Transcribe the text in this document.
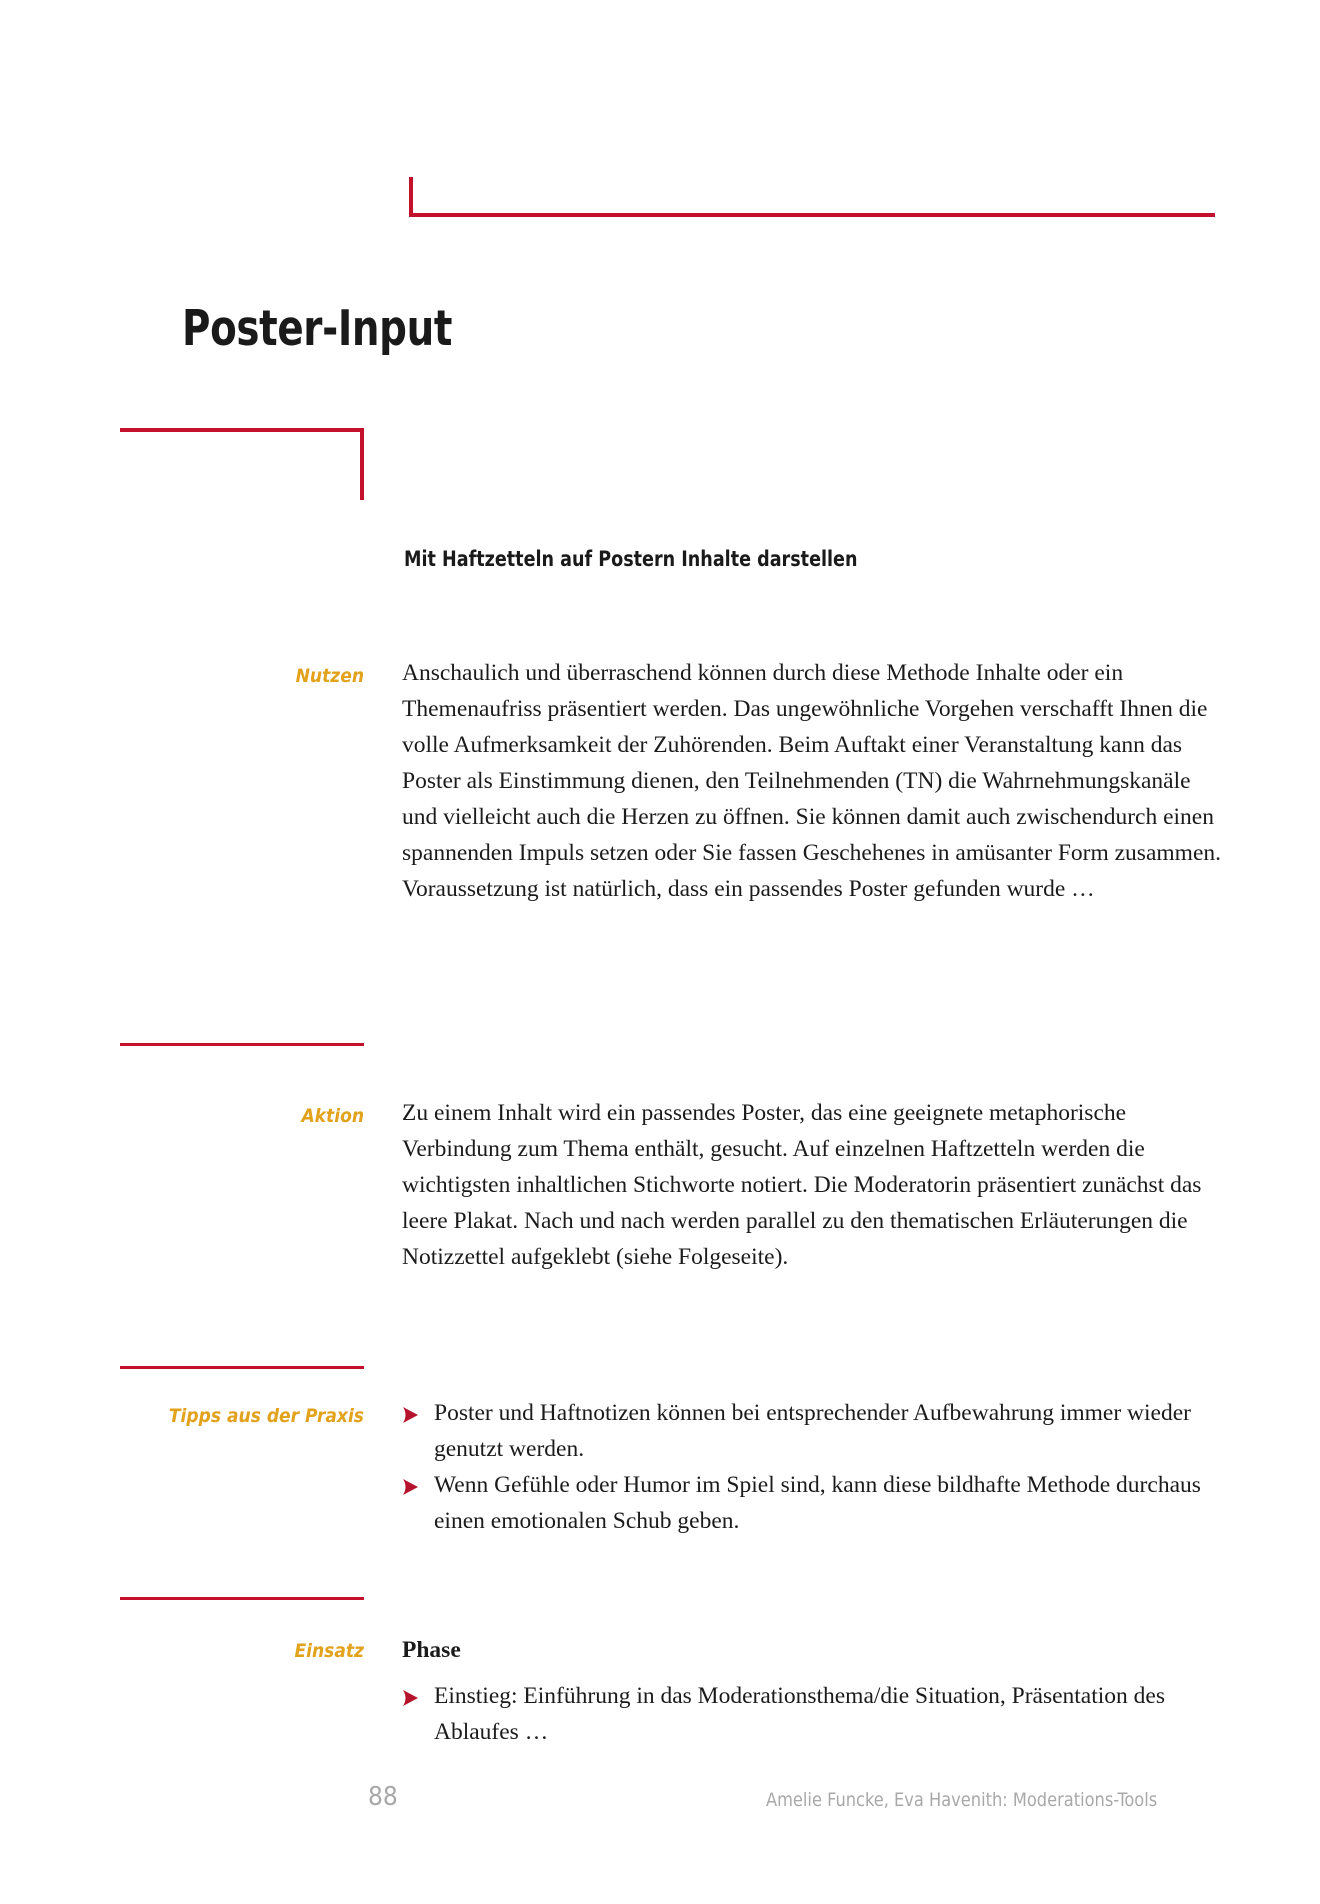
Poster-Input
Mit Haftzetteln auf Postern Inhalte darstellen
Nutzen Anschaulich und überraschend können durch diese Methode Inhalte oder ein Themenaufriss präsentiert werden. Das ungewöhnliche Vorgehen verschafft Ihnen die volle Aufmerksamkeit der Zuhörenden. Beim Auftakt einer Veranstaltung kann das Poster als Einstimmung dienen, den Teilnehmenden (TN) die Wahrnehmungskanäle und vielleicht auch die Herzen zu öffnen. Sie können damit auch zwischendurch einen spannenden Impuls setzen oder Sie fassen Geschehenes in amüsanter Form zusammen. Voraussetzung ist natürlich, dass ein passendes Poster gefunden wurde …

Aktion Zu einem Inhalt wird ein passendes Poster, das eine geeignete metaphorische Verbindung zum Thema enthält, gesucht. Auf einzelnen Haftzetteln werden die wichtigsten inhaltlichen Stichworte notiert. Die Moderatorin präsentiert zunächst das leere Plakat. Nach und nach werden parallel zu den thematischen Erläuterungen die Notizzettel aufgeklebt (siehe Folgeseite).

Tipps aus der Praxis	Poster und Haftnotizen können bei entsprechender Aufbewahrung immer wieder genutzt werden.
Wenn Gefühle oder Humor im Spiel sind, kann diese bildhafte Methode durchaus einen emotionalen Schub geben.
Einsatz Phase
Einstieg: Einführung in das Moderationsthema/die Situation, Präsentation des Ablaufes …
88	Amelie Funcke, Eva Havenith: Moderations-Tools
